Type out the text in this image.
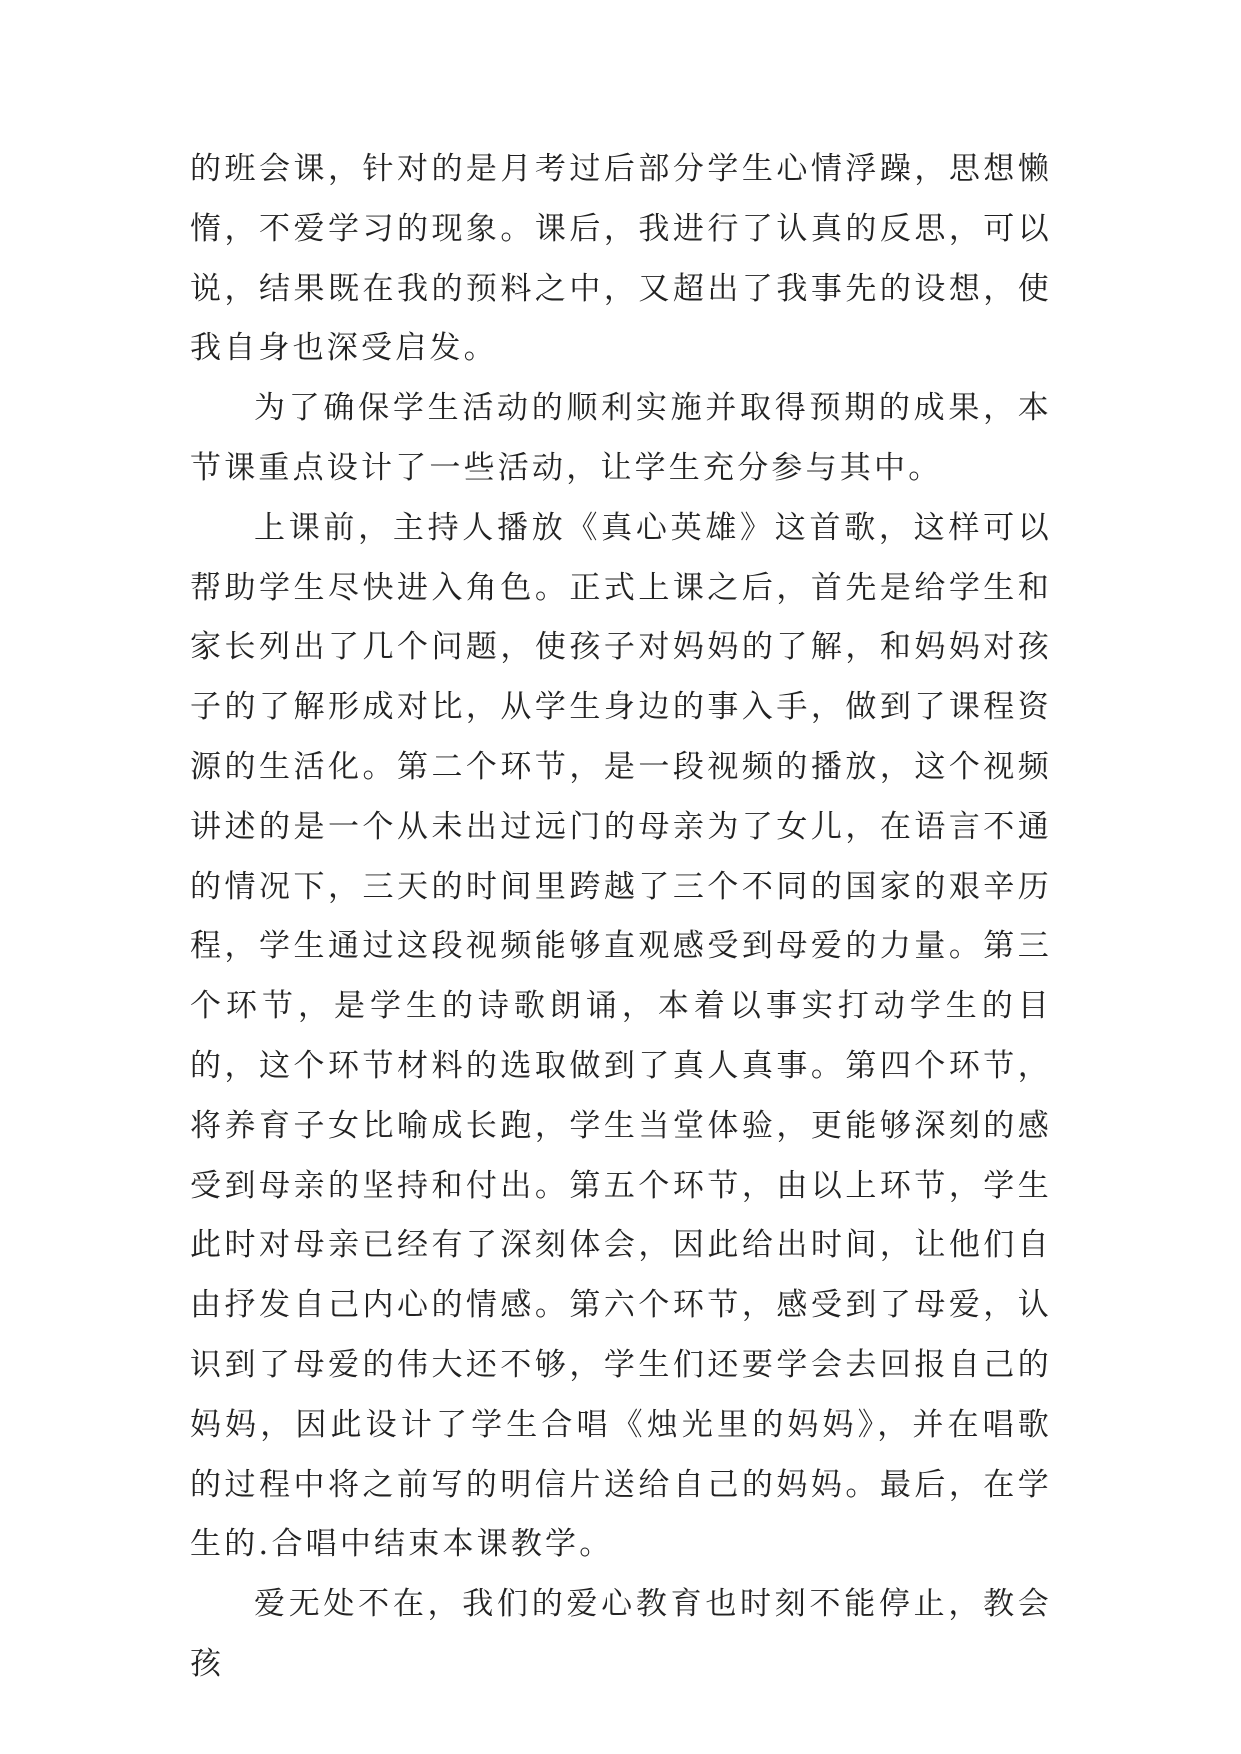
的班会课，针对的是月考过后部分学生心情浮躁，思想懒惰，不爱学习的现象。课后，我进行了认真的反思，可以说，结果既在我的预料之中，又超出了我事先的设想，使我自身也深受启发。

为了确保学生活动的顺利实施并取得预期的成果，本节课重点设计了一些活动，让学生充分参与其中。

上课前，主持人播放《真心英雄》这首歌，这样可以帮助学生尽快进入角色。正式上课之后，首先是给学生和家长列出了几个问题，使孩子对妈妈的了解，和妈妈对孩子的了解形成对比，从学生身边的事入手，做到了课程资源的生活化。第二个环节，是一段视频的播放，这个视频讲述的是一个从未出过远门的母亲为了女儿，在语言不通的情况下，三天的时间里跨越了三个不同的国家的艰辛历程，学生通过这段视频能够直观感受到母爱的力量。第三个环节，是学生的诗歌朗诵，本着以事实打动学生的目的，这个环节材料的选取做到了真人真事。第四个环节，将养育子女比喻成长跑，学生当堂体验，更能够深刻的感受到母亲的坚持和付出。第五个环节，由以上环节，学生此时对母亲已经有了深刻体会，因此给出时间，让他们自由抒发自己内心的情感。第六个环节，感受到了母爱，认识到了母爱的伟大还不够，学生们还要学会去回报自己的妈妈，因此设计了学生合唱《烛光里的妈妈》，并在唱歌的过程中将之前写的明信片送给自己的妈妈。最后，在学生的.合唱中结束本课教学。

爱无处不在，我们的爱心教育也时刻不能停止，教会孩
